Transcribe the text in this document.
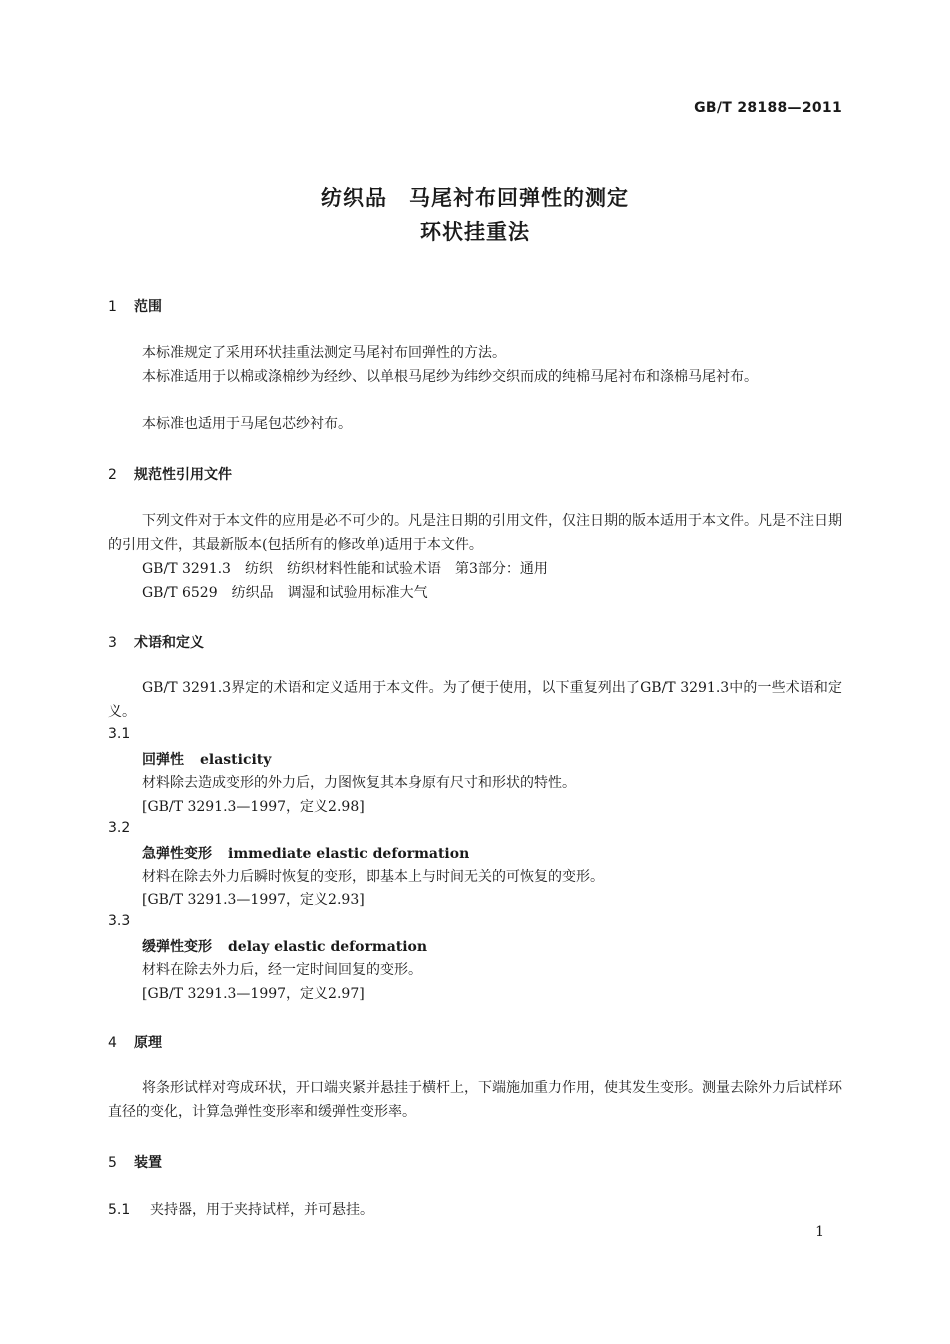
GB/T 28188—2011
纺织品　马尾衬布回弹性的测定
环状挂重法
1 范围
本标准规定了采用环状挂重法测定马尾衬布回弹性的方法。
本标准适用于以棉或涤棉纱为经纱、以单根马尾纱为纬纱交织而成的纯棉马尾衬布和涤棉马尾衬布。
本标准也适用于马尾包芯纱衬布。
2 规范性引用文件
下列文件对于本文件的应用是必不可少的。凡是注日期的引用文件，仅注日期的版本适用于本文件。凡是不注日期的引用文件，其最新版本(包括所有的修改单)适用于本文件。
GB/T 3291.3　纺织　纺织材料性能和试验术语　第3部分：通用
GB/T 6529　纺织品　调湿和试验用标准大气
3 术语和定义
GB/T 3291.3界定的术语和定义适用于本文件。为了便于使用，以下重复列出了GB/T 3291.3中的一些术语和定义。
3.1
回弹性 elasticity
材料除去造成变形的外力后，力图恢复其本身原有尺寸和形状的特性。
[GB/T 3291.3—1997，定义2.98]
3.2
急弹性变形 immediate elastic deformation
材料在除去外力后瞬时恢复的变形，即基本上与时间无关的可恢复的变形。
[GB/T 3291.3—1997，定义2.93]
3.3
缓弹性变形 delay elastic deformation
材料在除去外力后，经一定时间回复的变形。
[GB/T 3291.3—1997，定义2.97]
4 原理
将条形试样对弯成环状，开口端夹紧并悬挂于横杆上，下端施加重力作用，使其发生变形。测量去除外力后试样环直径的变化，计算急弹性变形率和缓弹性变形率。
5 装置
5.1 夹持器，用于夹持试样，并可悬挂。
1
